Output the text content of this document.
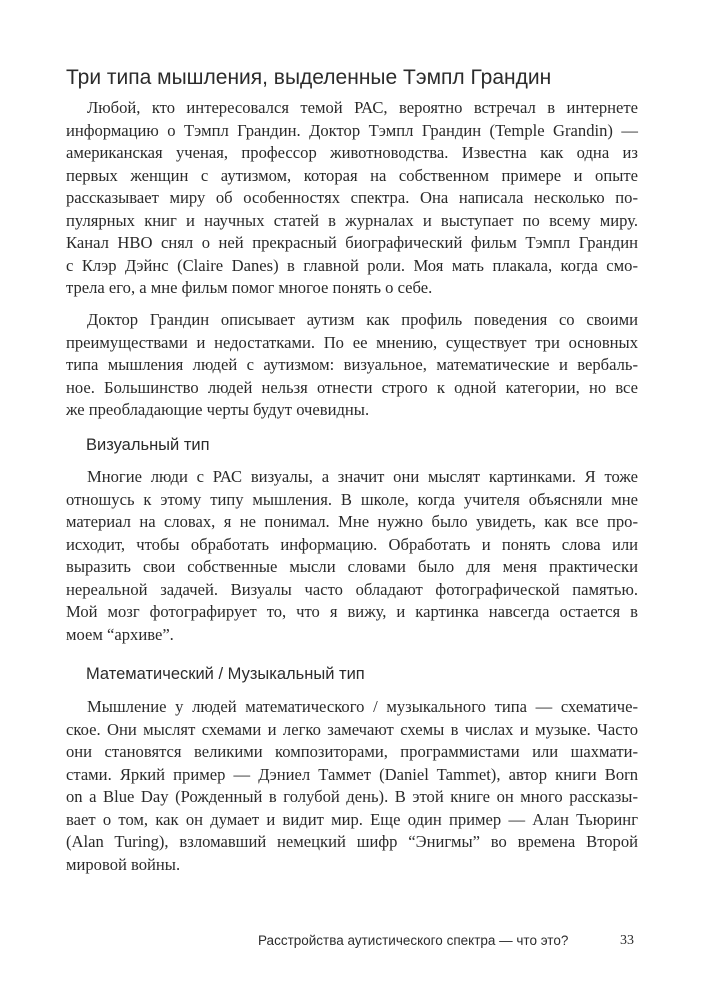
Три типа мышления, выделенные Тэмпл Грандин
Любой, кто интересовался темой РАС, вероятно встречал в интернете
информацию о Тэмпл Грандин. Доктор Тэмпл Грандин (Temple Grandin) —
американская ученая, профессор животноводства. Известна как одна из
первых женщин с аутизмом, которая на собственном примере и опыте
рассказывает миру об особенностях спектра. Она написала несколько по-
пулярных книг и научных статей в журналах и выступает по всему миру.
Канал HBO снял о ней прекрасный биографический фильм Тэмпл Грандин
с Клэр Дэйнс (Claire Danes) в главной роли. Моя мать плакала, когда смо-
трела его, а мне фильм помог многое понять о себе.
Доктор Грандин описывает аутизм как профиль поведения со своими
преимуществами и недостатками. По ее мнению, существует три основных
типа мышления людей с аутизмом: визуальное, математические и вербаль-
ное. Большинство людей нельзя отнести строго к одной категории, но все
же преобладающие черты будут очевидны.
Визуальный тип
Многие люди с РАС визуалы, а значит они мыслят картинками. Я тоже
отношусь к этому типу мышления. В школе, когда учителя объясняли мне
материал на словах, я не понимал. Мне нужно было увидеть, как все про-
исходит, чтобы обработать информацию. Обработать и понять слова или
выразить свои собственные мысли словами было для меня практически
нереальной задачей. Визуалы часто обладают фотографической памятью.
Мой мозг фотографирует то, что я вижу, и картинка навсегда остается в
моем “архиве”.
Математический / Музыкальный тип
Мышление у людей математического / музыкального типа — схематиче-
ское. Они мыслят схемами и легко замечают схемы в числах и музыке. Часто
они становятся великими композиторами, программистами или шахмати-
стами. Яркий пример — Дэниел Таммет (Daniel Tammet), автор книги Born
on a Blue Day (Рожденный в голубой день). В этой книге он много рассказы-
вает о том, как он думает и видит мир. Еще один пример — Алан Тьюринг
(Alan Turing), взломавший немецкий шифр “Энигмы” во времена Второй
мировой войны.
Расстройства аутистического спектра — что это?	33
